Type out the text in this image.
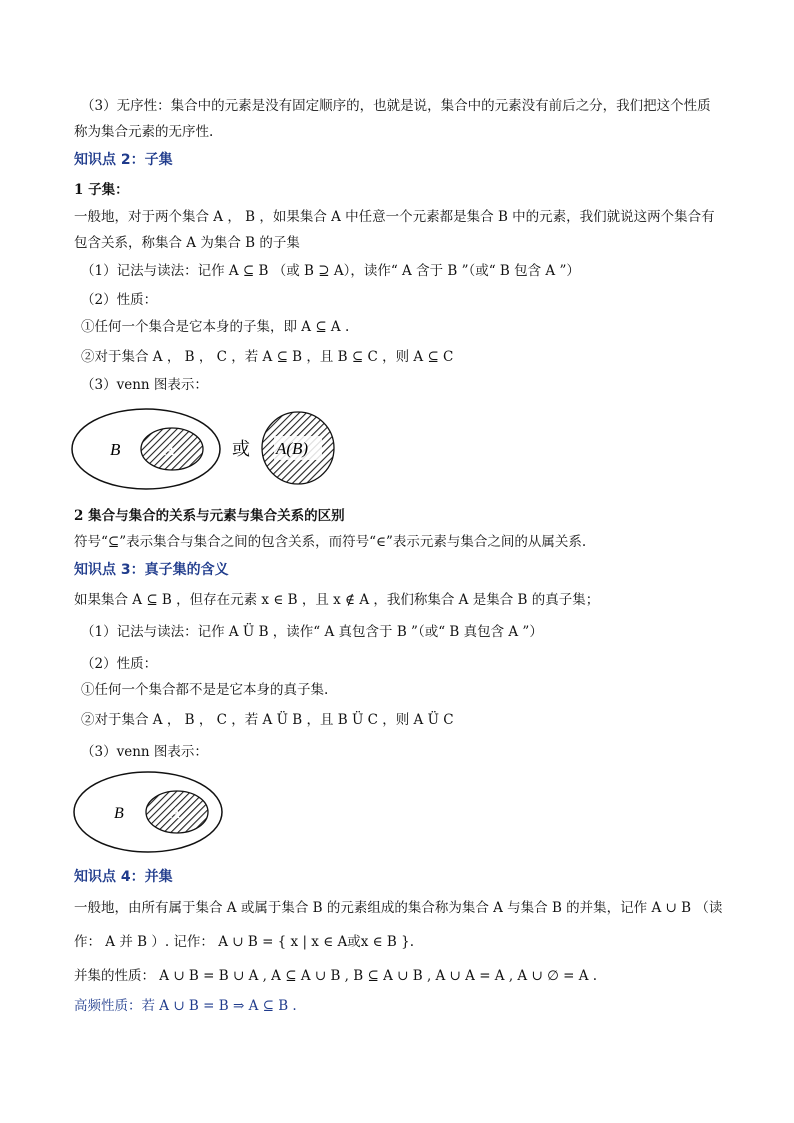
（3）无序性：集合中的元素是没有固定顺序的，也就是说，集合中的元素没有前后之分，我们把这个性质
称为集合元素的无序性.
知识点 2：子集
1 子集：
一般地，对于两个集合 A ， B ，如果集合 A 中任意一个元素都是集合 B 中的元素，我们就说这两个集合有
包含关系，称集合 A 为集合 B 的子集
（1）记法与读法：记作 A ⊆ B （或 B ⊇ A），读作“ A 含于 B ”（或“ B 包含 A ”）
（2）性质：
①任何一个集合是它本身的子集，即 A ⊆ A .
②对于集合 A ， B ， C ，若 A ⊆ B ，且 B ⊆ C ，则 A ⊆ C
（3）venn 图表示：
B	A	或 A(B)
2 集合与集合的关系与元素与集合关系的区别
符号“⊆”表示集合与集合之间的包含关系，而符号“∈”表示元素与集合之间的从属关系.
知识点 3：真子集的含义
如果集合 A ⊆ B ，但存在元素 x ∈ B ，且 x ∉ A ，我们称集合 A 是集合 B 的真子集；
（1）记法与读法：记作 A Ü B ，读作“ A 真包含于 B ”（或“ B 真包含 A ”）
（2）性质：
①任何一个集合都不是是它本身的真子集.
②对于集合 A ， B ， C ，若 A Ü B ，且 B Ü C ，则 A Ü C
（3）venn 图表示：
B	A
知识点 4：并集
一般地，由所有属于集合 A 或属于集合 B 的元素组成的集合称为集合 A 与集合 B 的并集，记作 A ∪ B （读
作： A 并 B ）. 记作： A ∪ B = { x | x ∈ A或x ∈ B }.
并集的性质： A ∪ B = B ∪ A , A ⊆ A ∪ B , B ⊆ A ∪ B , A ∪ A = A , A ∪ ∅ = A .
高频性质：若 A ∪ B = B ⇒ A ⊆ B .
